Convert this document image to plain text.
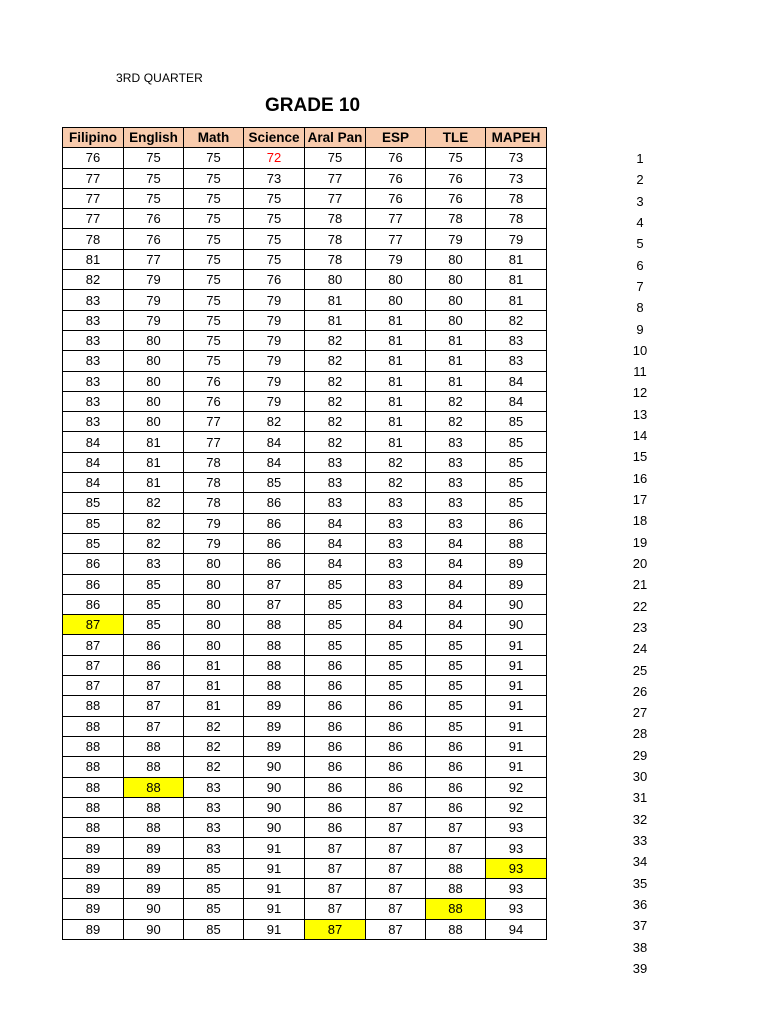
3RD QUARTER
GRADE 10
Filipino	English	Math	Science	Aral Pan	ESP	TLE	MAPEH
76	75	75	72	75	76	75	73
77	75	75	73	77	76	76	73
77	75	75	75	77	76	76	78
77	76	75	75	78	77	78	78
78	76	75	75	78	77	79	79
81	77	75	75	78	79	80	81
82	79	75	76	80	80	80	81
83	79	75	79	81	80	80	81
83	79	75	79	81	81	80	82
83	80	75	79	82	81	81	83
83	80	75	79	82	81	81	83
83	80	76	79	82	81	81	84
83	80	76	79	82	81	82	84
83	80	77	82	82	81	82	85
84	81	77	84	82	81	83	85
84	81	78	84	83	82	83	85
84	81	78	85	83	82	83	85
85	82	78	86	83	83	83	85
85	82	79	86	84	83	83	86
85	82	79	86	84	83	84	88
86	83	80	86	84	83	84	89
86	85	80	87	85	83	84	89
86	85	80	87	85	83	84	90
87	85	80	88	85	84	84	90
87	86	80	88	85	85	85	91
87	86	81	88	86	85	85	91
87	87	81	88	86	85	85	91
88	87	81	89	86	86	85	91
88	87	82	89	86	86	85	91
88	88	82	89	86	86	86	91
88	88	82	90	86	86	86	91
88	88	83	90	86	86	86	92
88	88	83	90	86	87	86	92
88	88	83	90	86	87	87	93
89	89	83	91	87	87	87	93
89	89	85	91	87	87	88	93
89	89	85	91	87	87	88	93
89	90	85	91	87	87	88	93
89	90	85	91	87	87	88	94
1
2
3
4
5
6
7
8
9
10
11
12
13
14
15
16
17
18
19
20
21
22
23
24
25
26
27
28
29
30
31
32
33
34
35
36
37
38
39
